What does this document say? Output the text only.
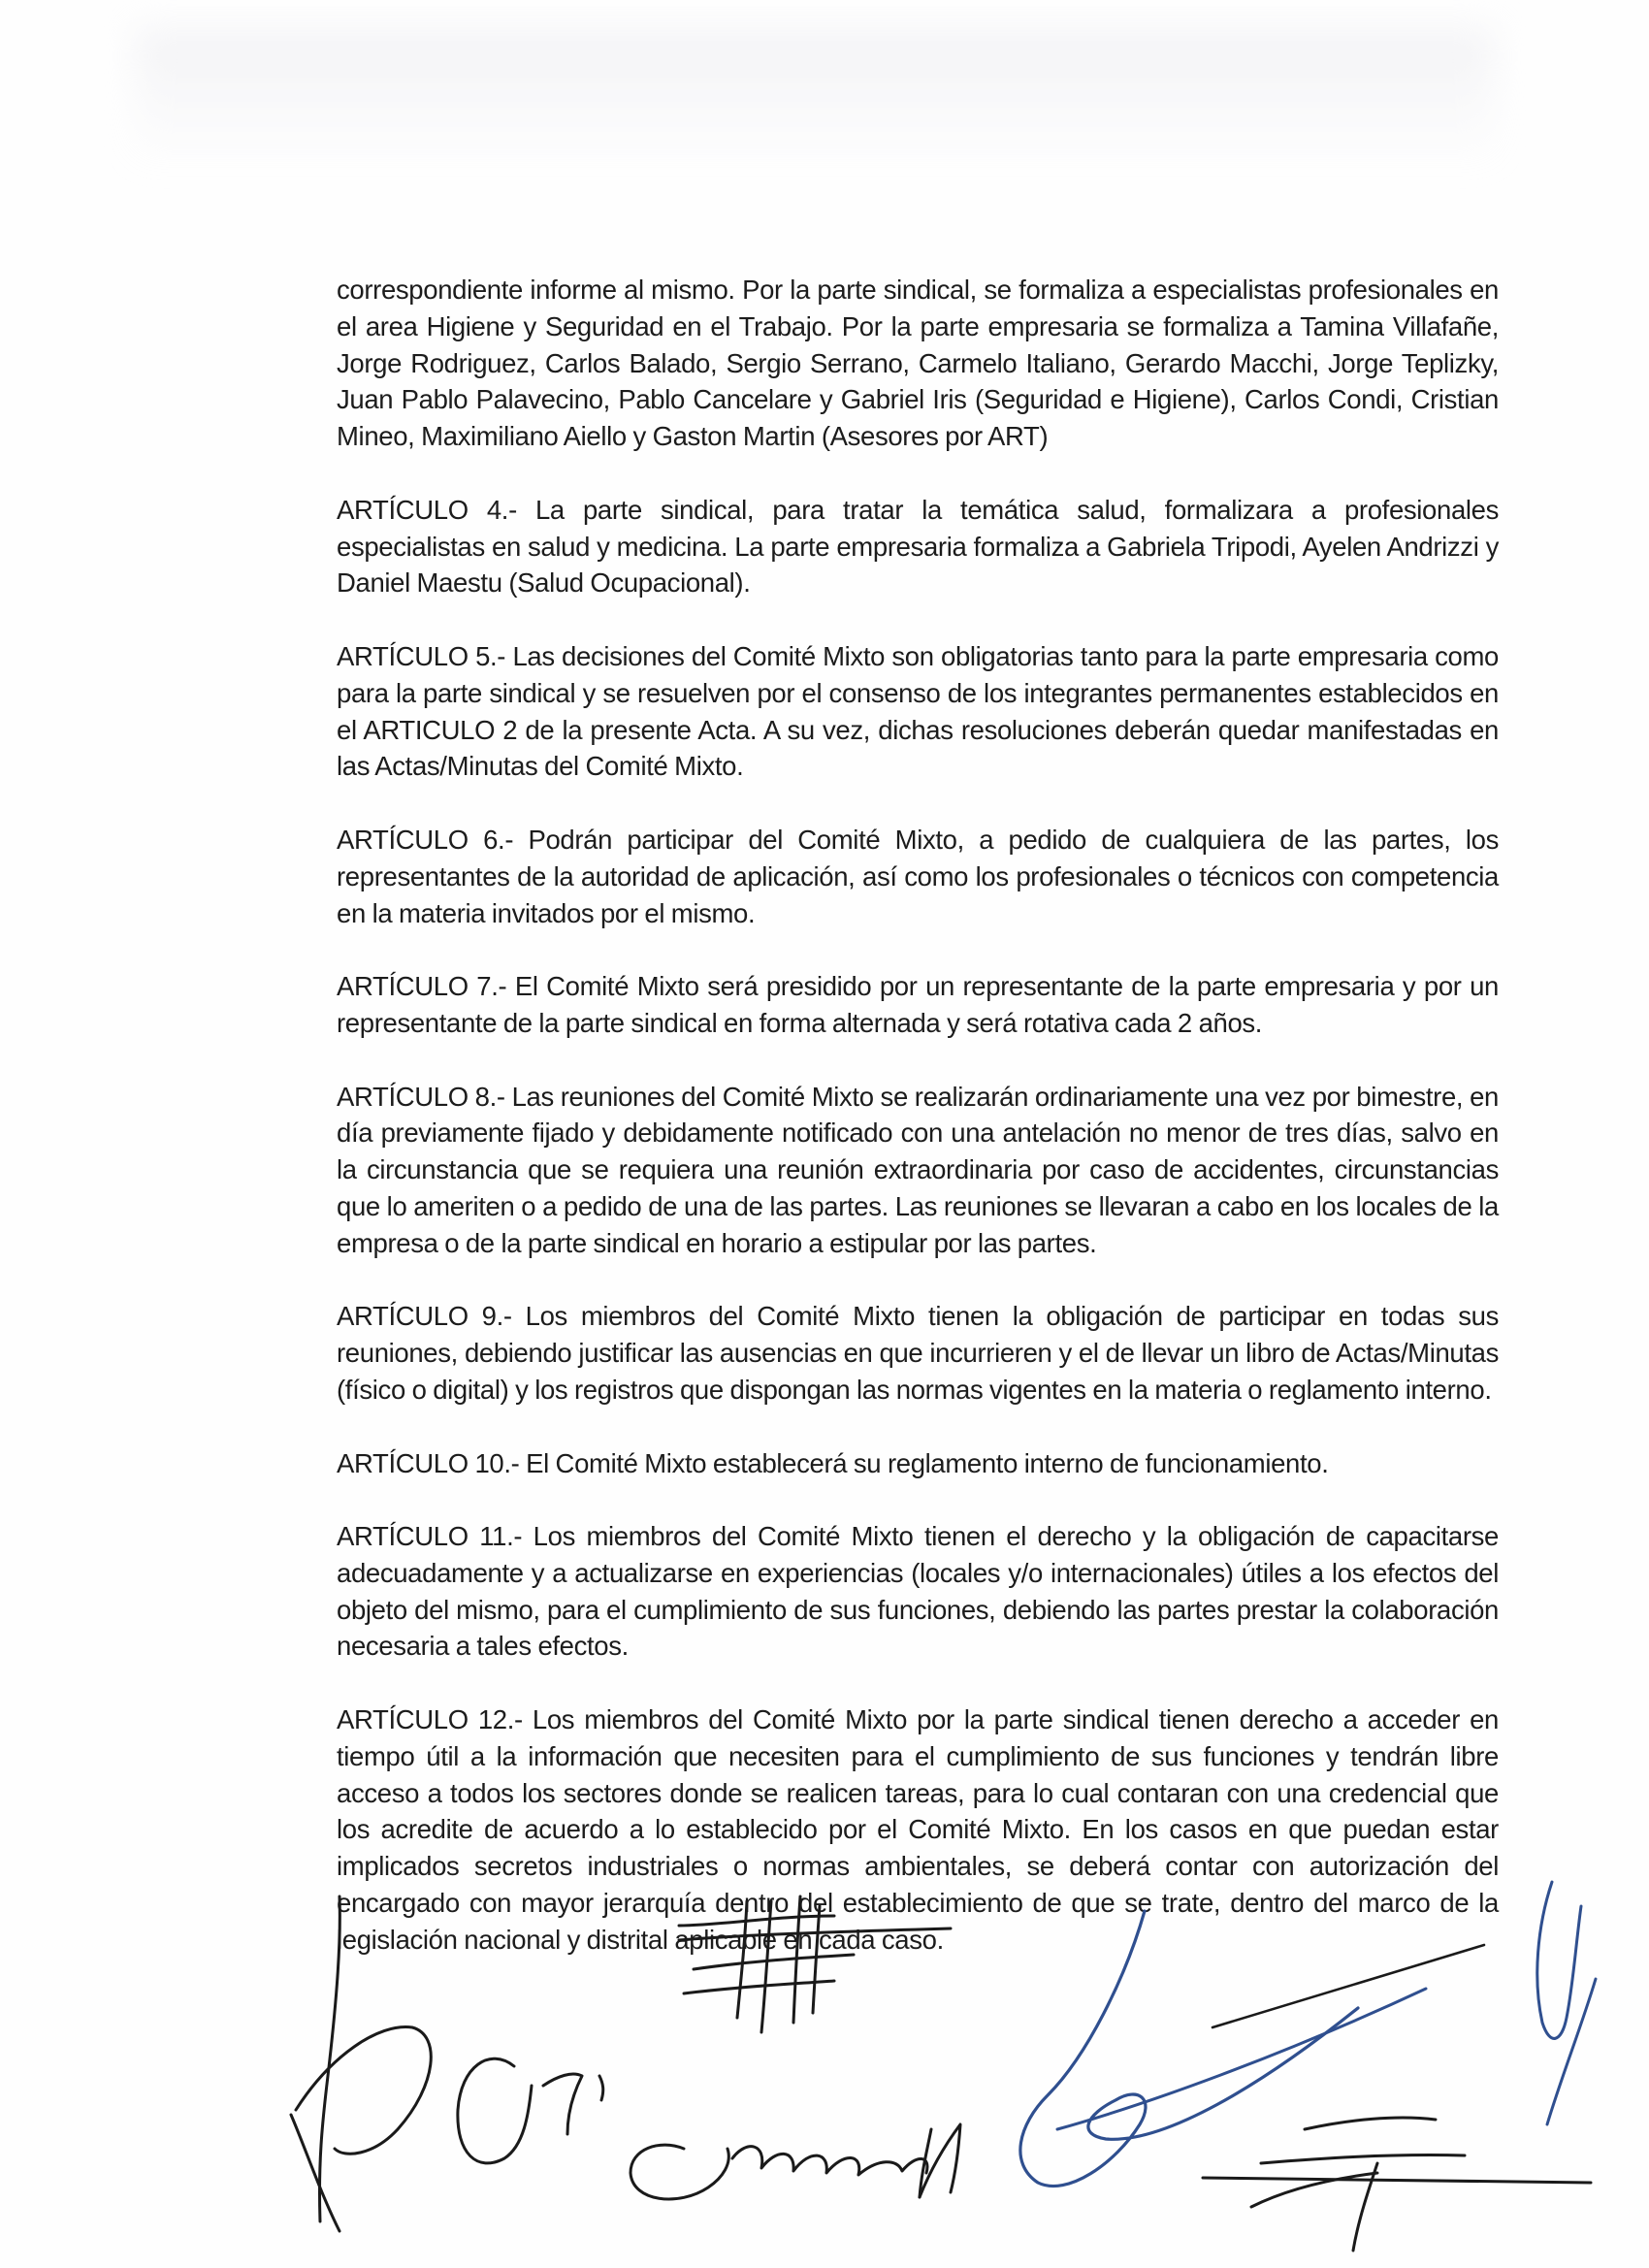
correspondiente informe al mismo. Por la parte sindical, se formaliza a especialistas profesionales en el area Higiene y Seguridad en el Trabajo. Por la parte empresaria se formaliza a Tamina Villafañe, Jorge Rodriguez, Carlos Balado, Sergio Serrano, Carmelo Italiano, Gerardo Macchi, Jorge Teplizky, Juan Pablo Palavecino, Pablo Cancelare y Gabriel Iris (Seguridad e Higiene), Carlos Condi, Cristian Mineo, Maximiliano Aiello y Gaston Martin (Asesores por ART)

ARTÍCULO 4.- La parte sindical, para tratar la temática salud, formalizara a profesionales especialistas en salud y medicina. La parte empresaria formaliza a Gabriela Tripodi, Ayelen Andrizzi y Daniel Maestu (Salud Ocupacional).

ARTÍCULO 5.- Las decisiones del Comité Mixto son obligatorias tanto para la parte empresaria como para la parte sindical y se resuelven por el consenso de los integrantes permanentes establecidos en el ARTICULO 2 de la presente Acta. A su vez, dichas resoluciones deberán quedar manifestadas en las Actas/Minutas del Comité Mixto.

ARTÍCULO 6.- Podrán participar del Comité Mixto, a pedido de cualquiera de las partes, los representantes de la autoridad de aplicación, así como los profesionales o técnicos con competencia en la materia invitados por el mismo.

ARTÍCULO 7.- El Comité Mixto será presidido por un representante de la parte empresaria y por un representante de la parte sindical en forma alternada y será rotativa cada 2 años.

ARTÍCULO 8.- Las reuniones del Comité Mixto se realizarán ordinariamente una vez por bimestre, en día previamente fijado y debidamente notificado con una antelación no menor de tres días, salvo en la circunstancia que se requiera una reunión extraordinaria por caso de accidentes, circunstancias que lo ameriten o a pedido de una de las partes. Las reuniones se llevaran a cabo en los locales de la empresa o de la parte sindical en horario a estipular por las partes.

ARTÍCULO 9.- Los miembros del Comité Mixto tienen la obligación de participar en todas sus reuniones, debiendo justificar las ausencias en que incurrieren y el de llevar un libro de Actas/Minutas (físico o digital) y los registros que dispongan las normas vigentes en la materia o reglamento interno.

ARTÍCULO 10.- El Comité Mixto establecerá su reglamento interno de funcionamiento.

ARTÍCULO 11.- Los miembros del Comité Mixto tienen el derecho y la obligación de capacitarse adecuadamente y a actualizarse en experiencias (locales y/o internacionales) útiles a los efectos del objeto del mismo, para el cumplimiento de sus funciones, debiendo las partes prestar la colaboración necesaria a tales efectos.

ARTÍCULO 12.- Los miembros del Comité Mixto por la parte sindical tienen derecho a acceder en tiempo útil a la información que necesiten para el cumplimiento de sus funciones y tendrán libre acceso a todos los sectores donde se realicen tareas, para lo cual contaran con una credencial que los acredite de acuerdo a lo establecido por el Comité Mixto. En los casos en que puedan estar implicados secretos industriales o normas ambientales, se deberá contar con autorización del encargado con mayor jerarquía dentro del establecimiento de que se trate, dentro del marco de la legislación nacional y distrital aplicable en cada caso.
